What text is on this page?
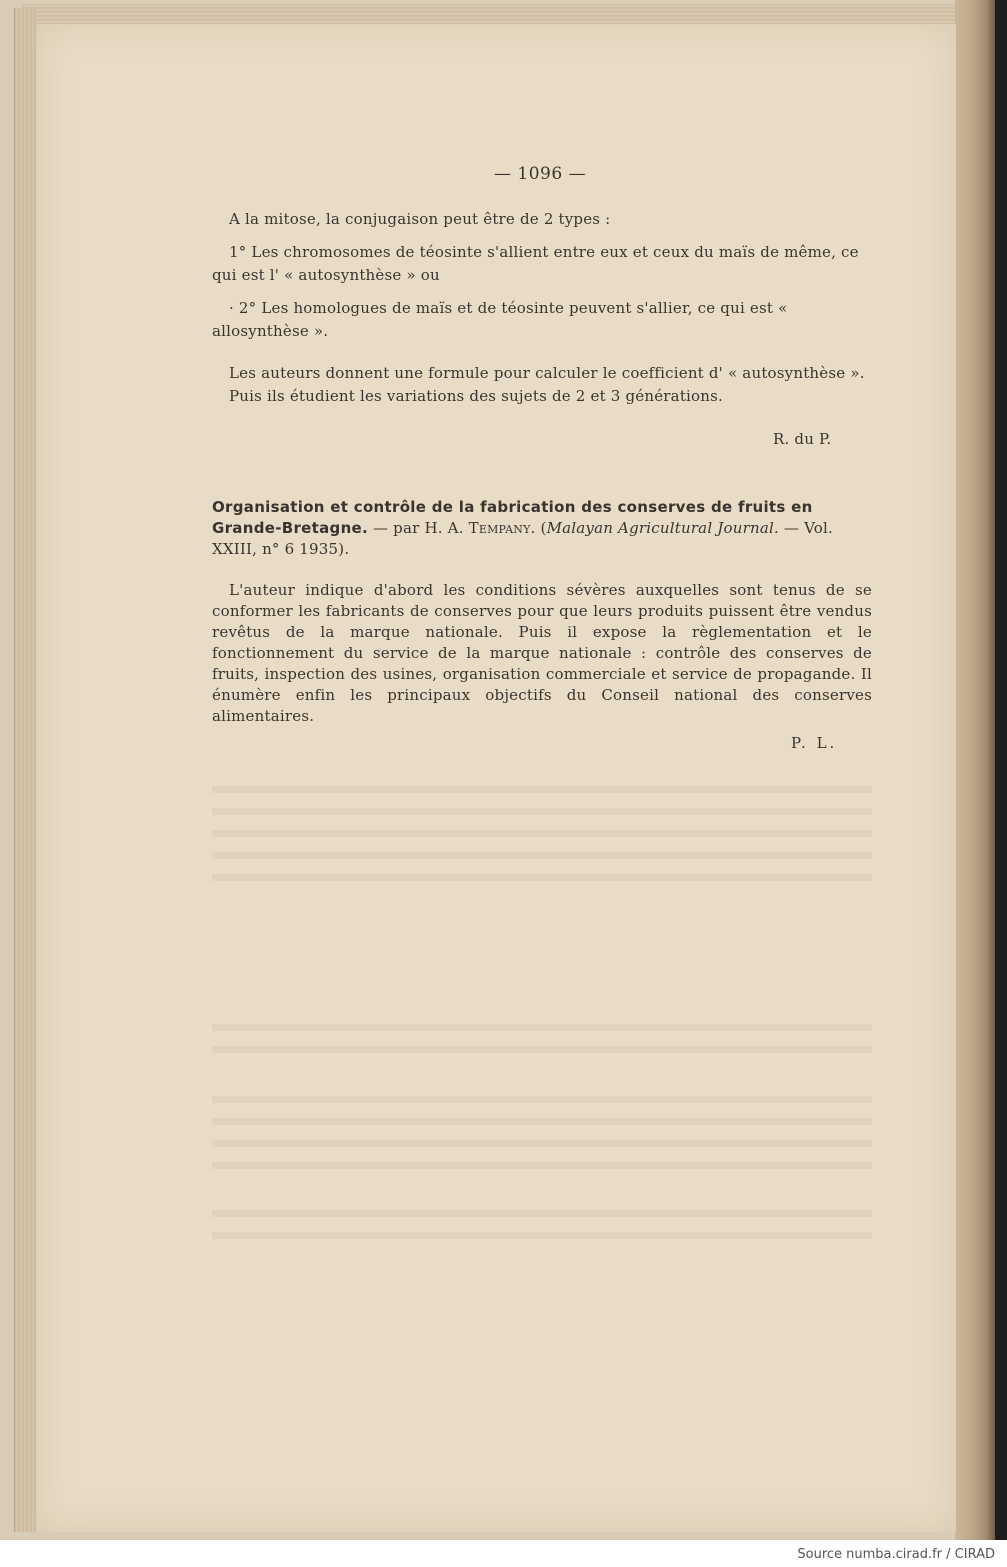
— 1096 —
A la mitose, la conjugaison peut être de 2 types :
1° Les chromosomes de téosinte s'allient entre eux et ceux du maïs de même, ce qui est l' « autosynthèse » ou
· 2° Les homologues de maïs et de téosinte peuvent s'allier, ce qui est « allosynthèse ».
Les auteurs donnent une formule pour calculer le coefficient d' « autosynthèse ».
Puis ils étudient les variations des sujets de 2 et 3 générations.
R. du P.
Organisation et contrôle de la fabrication des conserves de fruits en Grande-Bretagne. — par H. A. Tempany. (Malayan Agricultural Journal. — Vol. XXIII, n° 6 1935).
L'auteur indique d'abord les conditions sévères auxquelles sont tenus de se conformer les fabricants de conserves pour que leurs produits puissent être vendus revêtus de la marque nationale. Puis il expose la règlementation et le fonctionnement du service de la marque nationale : contrôle des conserves de fruits, inspection des usines, organisation commerciale et service de propagande. Il énumère enfin les principaux objectifs du Conseil national des conserves alimentaires.
P. L.
Source numba.cirad.fr / CIRAD
